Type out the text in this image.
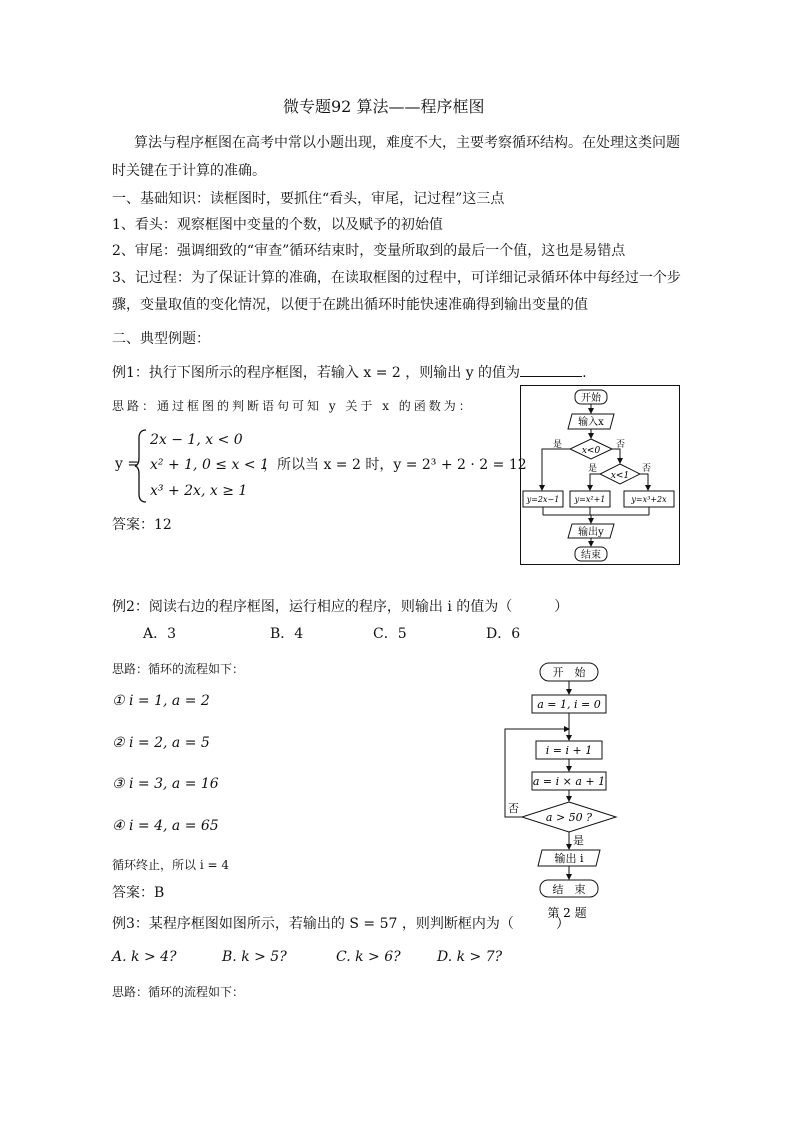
微专题92 算法——程序框图
算法与程序框图在高考中常以小题出现，难度不大，主要考察循环结构。在处理这类问题
时关键在于计算的准确。
一、基础知识：读框图时，要抓住“看头，审尾，记过程”这三点
1、看头：观察框图中变量的个数，以及赋予的初始值
2、审尾：强调细致的“审查”循环结束时，变量所取到的最后一个值，这也是易错点
3、记过程：为了保证计算的准确，在读取框图的过程中，可详细记录循环体中每经过一个步
骤，变量取值的变化情况，以便于在跳出循环时能快速准确得到输出变量的值
二、典型例题：
例1：执行下图所示的程序框图，若输入 x = 2 ，则输出 y 的值为	.
思路：通过框图的判断语句可知 y 关于 x 的函数为：
y =
2x − 1, x < 0
x² + 1, 0 ≤ x < 1
x³ + 2x, x ≥ 1
，所以当 x = 2 时，y = 2³ + 2 · 2 = 12
答案：12
开始
输入x
x<0
是	否
x<1
是	否
y=2x−1 y=x²+1	y=x³+2x
输出y
结束
例2：阅读右边的程序框图，运行相应的程序，则输出 i 的值为（　　　）
A．3	B．4	C．5	D．6
思路：循环的流程如下：
① i = 1, a = 2
② i = 2, a = 5
③ i = 3, a = 16
④ i = 4, a = 65
循环终止，所以 i = 4
答案：B
开　始
a = 1, i = 0
i = i + 1
a = i × a + 1
a > 50 ?
否
是
输出 i
结　束
第 2 题
例3：某程序框图如图所示，若输出的 S = 57 ，则判断框内为（　　　）
A. k > 4?	B. k > 5?	C. k > 6?	D. k > 7?
思路：循环的流程如下：
